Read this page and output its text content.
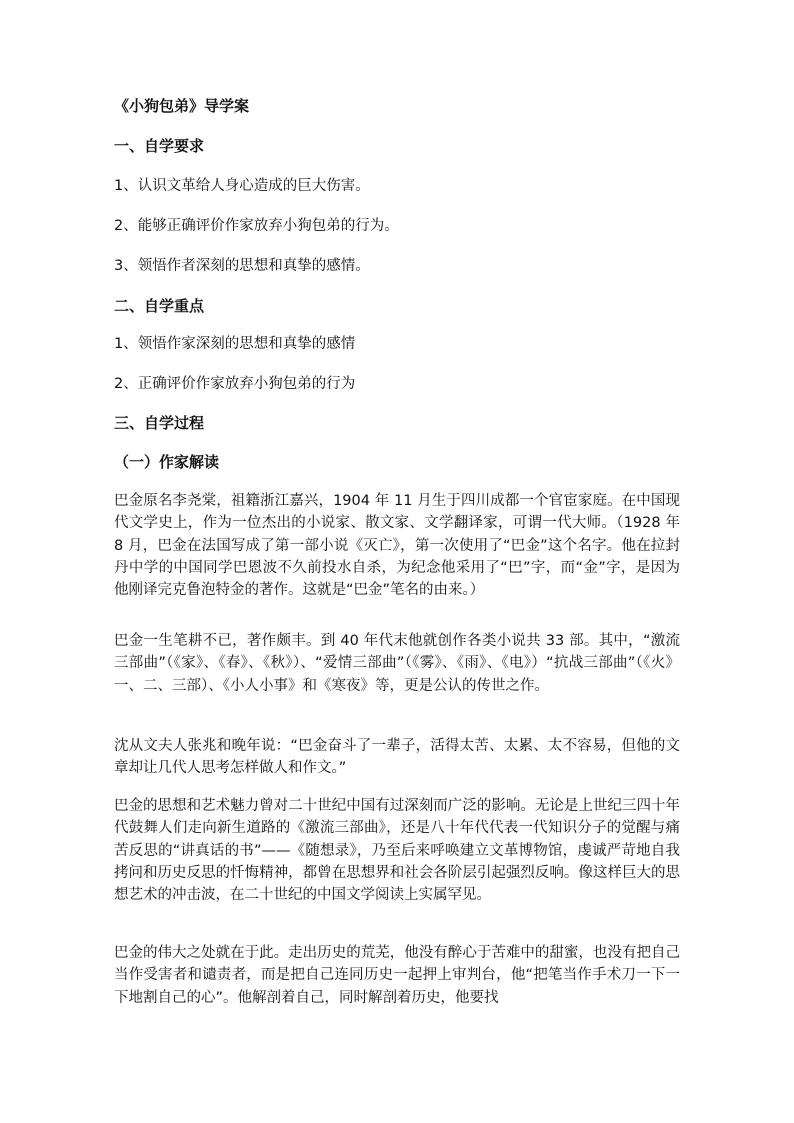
《小狗包弟》导学案
一、自学要求
1、认识文革给人身心造成的巨大伤害。
2、能够正确评价作家放弃小狗包弟的行为。
3、领悟作者深刻的思想和真挚的感情。
二、自学重点
1、领悟作家深刻的思想和真挚的感情
2、正确评价作家放弃小狗包弟的行为
三、自学过程
（一）作家解读
巴金原名李尧棠，祖籍浙江嘉兴，1904 年 11 月生于四川成都一个官宦家庭。在中国现代文学史上，作为一位杰出的小说家、散文家、文学翻译家，可谓一代大师。（1928 年 8 月，巴金在法国写成了第一部小说《灭亡》，第一次使用了“巴金”这个名字。他在拉封丹中学的中国同学巴恩波不久前投水自杀，为纪念他采用了“巴”字，而“金”字，是因为他刚译完克鲁泡特金的著作。这就是“巴金”笔名的由来。）
巴金一生笔耕不已，著作颇丰。到 40 年代末他就创作各类小说共 33 部。其中，“激流三部曲”（《家》、《春》、《秋》）、“爱情三部曲”（《雾》、《雨》、《电》）“抗战三部曲”（《火》一、二、三部）、《小人小事》和《寒夜》等，更是公认的传世之作。
沈从文夫人张兆和晚年说：“巴金奋斗了一辈子，活得太苦、太累、太不容易，但他的文章却让几代人思考怎样做人和作文。”
巴金的思想和艺术魅力曾对二十世纪中国有过深刻而广泛的影响。无论是上世纪三四十年代鼓舞人们走向新生道路的《激流三部曲》，还是八十年代代表一代知识分子的觉醒与痛苦反思的“讲真话的书”——《随想录》，乃至后来呼唤建立文革博物馆，虔诚严苛地自我拷问和历史反思的忏悔精神，都曾在思想界和社会各阶层引起强烈反响。像这样巨大的思想艺术的冲击波，在二十世纪的中国文学阅读上实属罕见。
巴金的伟大之处就在于此。走出历史的荒芜，他没有醉心于苦难中的甜蜜，也没有把自己当作受害者和谴责者，而是把自己连同历史一起押上审判台，他“把笔当作手术刀一下一下地割自己的心”。他解剖着自己，同时解剖着历史，他要找
